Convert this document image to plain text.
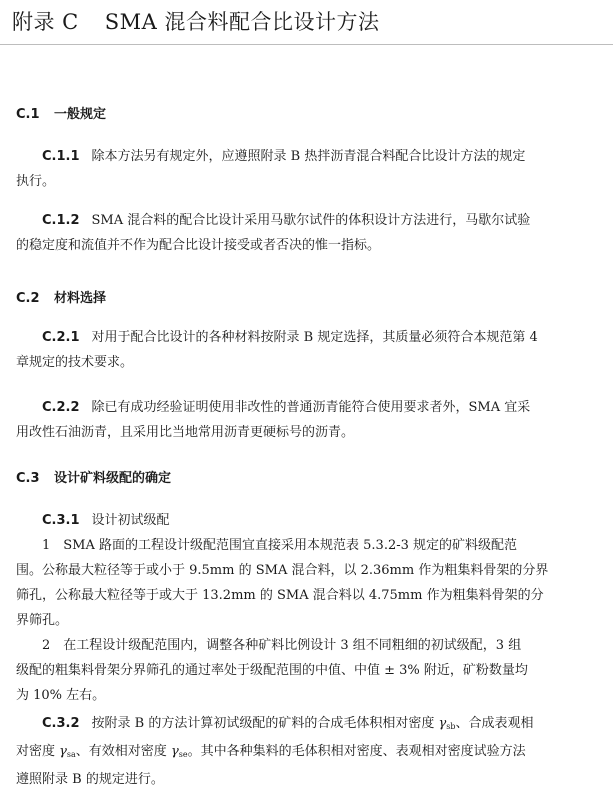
附录 C SMA 混合料配合比设计方法
C.1 一般规定
C.1.1 除本方法另有规定外，应遵照附录 B 热拌沥青混合料配合比设计方法的规定
执行。
C.1.2 SMA 混合料的配合比设计采用马歇尔试件的体积设计方法进行，马歇尔试验
的稳定度和流值并不作为配合比设计接受或者否决的惟一指标。
C.2 材料选择
C.2.1 对用于配合比设计的各种材料按附录 B 规定选择，其质量必须符合本规范第 4
章规定的技术要求。
C.2.2 除已有成功经验证明使用非改性的普通沥青能符合使用要求者外，SMA 宜采
用改性石油沥青，且采用比当地常用沥青更硬标号的沥青。
C.3 设计矿料级配的确定
C.3.1 设计初试级配
1　SMA 路面的工程设计级配范围宜直接采用本规范表 5.3.2-3 规定的矿料级配范
围。公称最大粒径等于或小于 9.5mm 的 SMA 混合料，以 2.36mm 作为粗集料骨架的分界
筛孔，公称最大粒径等于或大于 13.2mm 的 SMA 混合料以 4.75mm 作为粗集料骨架的分
界筛孔。
2　在工程设计级配范围内，调整各种矿料比例设计 3 组不同粗细的初试级配，3 组
级配的粗集料骨架分界筛孔的通过率处于级配范围的中值、中值 ± 3% 附近，矿粉数量均
为 10% 左右。
C.3.2 按附录 B 的方法计算初试级配的矿料的合成毛体积相对密度 $\gamma_{sb}$、合成表观相
对密度 $\gamma_{sa}$、有效相对密度 $\gamma_{se}$。其中各种集料的毛体积相对密度、表观相对密度试验方法
遵照附录 B 的规定进行。
